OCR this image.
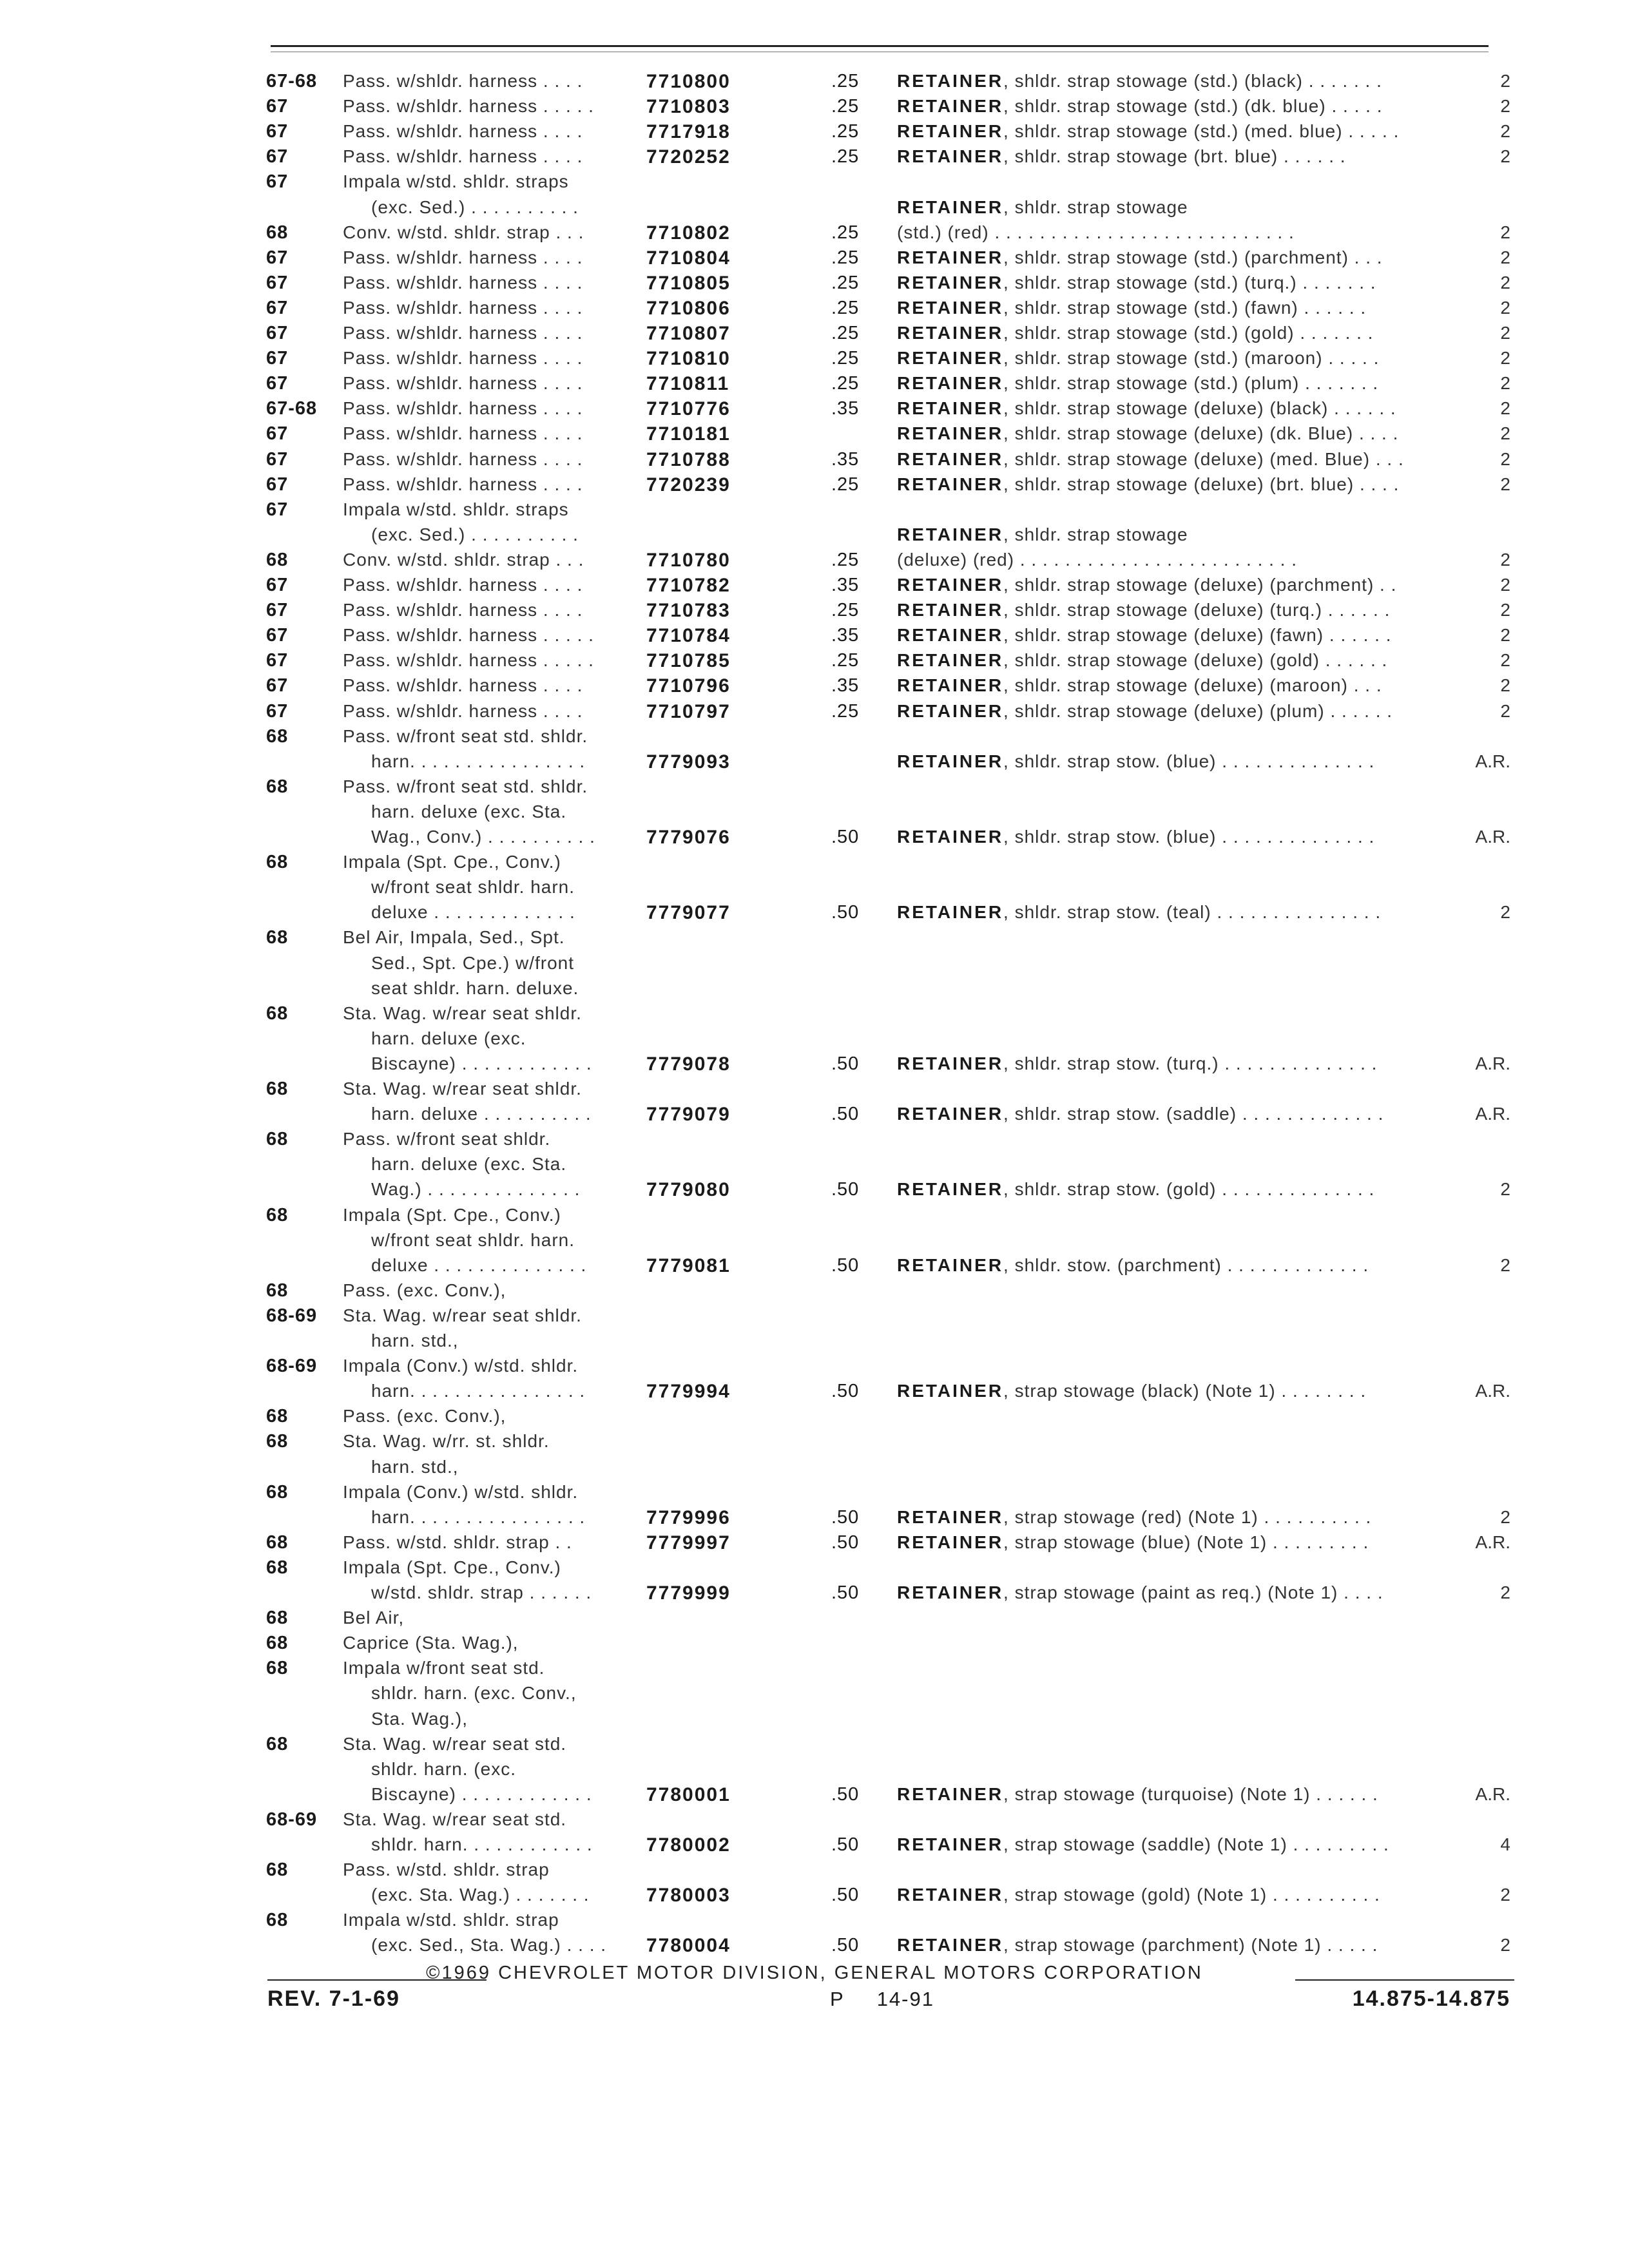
67-68 Pass. w/shldr. harness . . . .	7710800	.25 RETAINER, shldr. strap stowage (std.) (black) . . . . . . .	2
67	Pass. w/shldr. harness . . . . .	7710803	.25 RETAINER, shldr. strap stowage (std.) (dk. blue) . . . . .	2
67	Pass. w/shldr. harness . . . .	7717918	.25 RETAINER, shldr. strap stowage (std.) (med. blue) . . . . .	2
67	Pass. w/shldr. harness . . . .	7720252	.25 RETAINER, shldr. strap stowage (brt. blue) . . . . . .	2
67	Impala w/std. shldr. straps
(exc. Sed.) . . . . . . . . . .	RETAINER, shldr. strap stowage
68	Conv. w/std. shldr. strap . . .	7710802	.25 (std.) (red) . . . . . . . . . . . . . . . . . . . . . . . . . . .	2
67	Pass. w/shldr. harness . . . .	7710804	.25 RETAINER, shldr. strap stowage (std.) (parchment) . . .	2
67	Pass. w/shldr. harness . . . .	7710805	.25 RETAINER, shldr. strap stowage (std.) (turq.) . . . . . . .	2
67	Pass. w/shldr. harness . . . .	7710806	.25 RETAINER, shldr. strap stowage (std.) (fawn) . . . . . .	2
67	Pass. w/shldr. harness . . . .	7710807	.25 RETAINER, shldr. strap stowage (std.) (gold) . . . . . . .	2
67	Pass. w/shldr. harness . . . .	7710810	.25 RETAINER, shldr. strap stowage (std.) (maroon) . . . . .	2
67	Pass. w/shldr. harness . . . .	7710811	.25 RETAINER, shldr. strap stowage (std.) (plum) . . . . . . .	2
67-68 Pass. w/shldr. harness . . . .	7710776	.35 RETAINER, shldr. strap stowage (deluxe) (black) . . . . . .	2
67	Pass. w/shldr. harness . . . .	7710181	RETAINER, shldr. strap stowage (deluxe) (dk. Blue) . . . .	2
67	Pass. w/shldr. harness . . . .	7710788	.35 RETAINER, shldr. strap stowage (deluxe) (med. Blue) . . .	2
67	Pass. w/shldr. harness . . . .	7720239	.25 RETAINER, shldr. strap stowage (deluxe) (brt. blue) . . . .	2
67	Impala w/std. shldr. straps
(exc. Sed.) . . . . . . . . . .	RETAINER, shldr. strap stowage
68	Conv. w/std. shldr. strap . . .	7710780	.25 (deluxe) (red) . . . . . . . . . . . . . . . . . . . . . . . . .	2
67	Pass. w/shldr. harness . . . .	7710782	.35 RETAINER, shldr. strap stowage (deluxe) (parchment) . .	2
67	Pass. w/shldr. harness . . . .	7710783	.25 RETAINER, shldr. strap stowage (deluxe) (turq.) . . . . . .	2
67	Pass. w/shldr. harness . . . . .	7710784	.35 RETAINER, shldr. strap stowage (deluxe) (fawn) . . . . . .	2
67	Pass. w/shldr. harness . . . . .	7710785	.25 RETAINER, shldr. strap stowage (deluxe) (gold) . . . . . .	2
67	Pass. w/shldr. harness . . . .	7710796	.35 RETAINER, shldr. strap stowage (deluxe) (maroon) . . .	2
67	Pass. w/shldr. harness . . . .	7710797	.25 RETAINER, shldr. strap stowage (deluxe) (plum) . . . . . .	2
68	Pass. w/front seat std. shldr.
harn. . . . . . . . . . . . . . . .	7779093	RETAINER, shldr. strap stow. (blue) . . . . . . . . . . . . . .	A.R.
68	Pass. w/front seat std. shldr.
harn. deluxe (exc. Sta.
Wag., Conv.) . . . . . . . . . .	7779076	.50 RETAINER, shldr. strap stow. (blue) . . . . . . . . . . . . . .	A.R.
68	Impala (Spt. Cpe., Conv.)
w/front seat shldr. harn.
deluxe . . . . . . . . . . . . .	7779077	.50 RETAINER, shldr. strap stow. (teal) . . . . . . . . . . . . . . .	2
68	Bel Air, Impala, Sed., Spt.
Sed., Spt. Cpe.) w/front
seat shldr. harn. deluxe.
68	Sta. Wag. w/rear seat shldr.
harn. deluxe (exc.
Biscayne) . . . . . . . . . . . .	7779078	.50 RETAINER, shldr. strap stow. (turq.) . . . . . . . . . . . . . .	A.R.
68	Sta. Wag. w/rear seat shldr.
harn. deluxe . . . . . . . . . .	7779079	.50 RETAINER, shldr. strap stow. (saddle) . . . . . . . . . . . . .	A.R.
68	Pass. w/front seat shldr.
harn. deluxe (exc. Sta.
Wag.) . . . . . . . . . . . . . .	7779080	.50 RETAINER, shldr. strap stow. (gold) . . . . . . . . . . . . . .	2
68	Impala (Spt. Cpe., Conv.)
w/front seat shldr. harn.
deluxe . . . . . . . . . . . . . .	7779081	.50 RETAINER, shldr. stow. (parchment) . . . . . . . . . . . . .	2
68	Pass. (exc. Conv.),
68-69 Sta. Wag. w/rear seat shldr.
harn. std.,
68-69 Impala (Conv.) w/std. shldr.
harn. . . . . . . . . . . . . . . .	7779994	.50 RETAINER, strap stowage (black) (Note 1) . . . . . . . .	A.R.
68	Pass. (exc. Conv.),
68	Sta. Wag. w/rr. st. shldr.
harn. std.,
68	Impala (Conv.) w/std. shldr.
harn. . . . . . . . . . . . . . . .	7779996	.50 RETAINER, strap stowage (red) (Note 1) . . . . . . . . . .	2
68	Pass. w/std. shldr. strap . .	7779997	.50 RETAINER, strap stowage (blue) (Note 1) . . . . . . . . .	A.R.
68	Impala (Spt. Cpe., Conv.)
w/std. shldr. strap . . . . . .	7779999	.50 RETAINER, strap stowage (paint as req.) (Note 1) . . . .	2
68	Bel Air,
68	Caprice (Sta. Wag.),
68	Impala w/front seat std.
shldr. harn. (exc. Conv.,
Sta. Wag.),
68	Sta. Wag. w/rear seat std.
shldr. harn. (exc.
Biscayne) . . . . . . . . . . . .	7780001	.50 RETAINER, strap stowage (turquoise) (Note 1) . . . . . .	A.R.
68-69 Sta. Wag. w/rear seat std.
shldr. harn. . . . . . . . . . . .	7780002	.50 RETAINER, strap stowage (saddle) (Note 1) . . . . . . . . .	4
68	Pass. w/std. shldr. strap
(exc. Sta. Wag.) . . . . . . .	7780003	.50 RETAINER, strap stowage (gold) (Note 1) . . . . . . . . . .	2
68	Impala w/std. shldr. strap
(exc. Sed., Sta. Wag.) . . . . 7780004	.50 RETAINER, strap stowage (parchment) (Note 1) . . . . .	2
©1969 CHEVROLET MOTOR DIVISION, GENERAL MOTORS CORPORATION
REV. 7-1-69	P 14-91	14.875-14.875
